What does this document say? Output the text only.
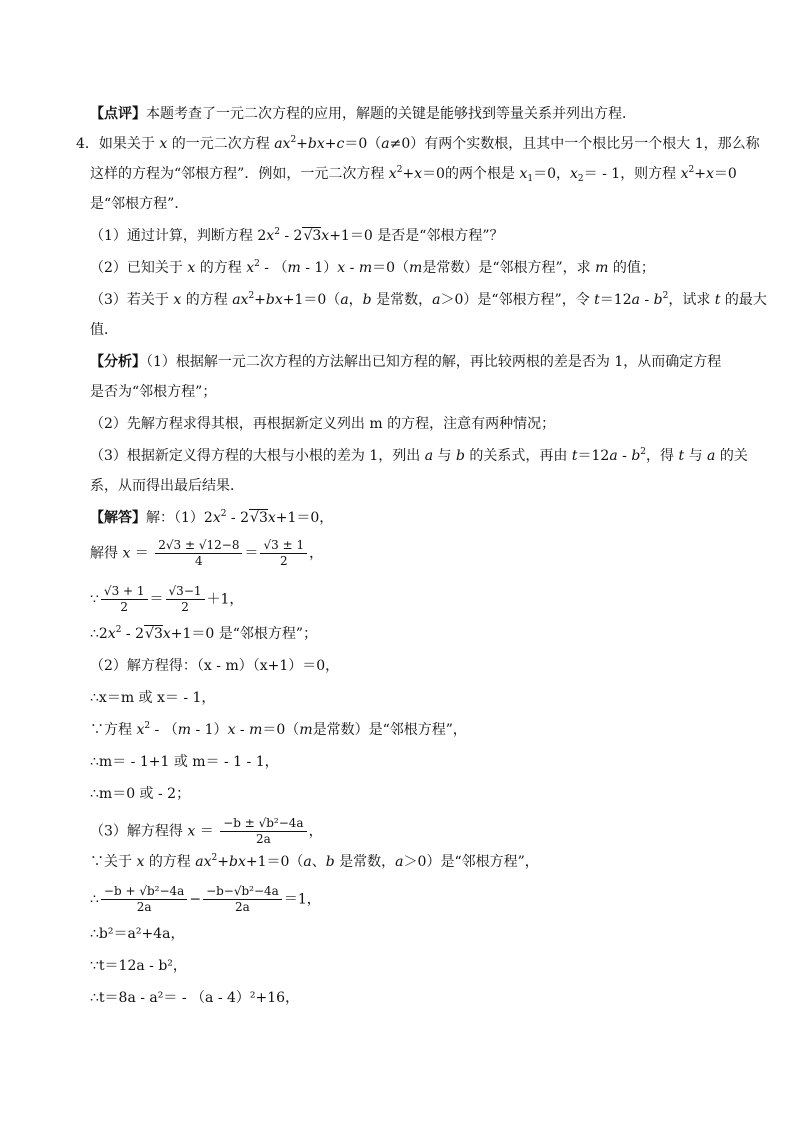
【点评】本题考查了一元二次方程的应用，解题的关键是能够找到等量关系并列出方程．
4．如果关于 x 的一元二次方程 $ax^2+bx+c=0(a\ne 0)$有两个实数根，且其中一个根比另一个根大 1，那么称
这样的方程为“邻根方程”．例如，一元二次方程 $x^2+x=0$的两个根是 $x_1=0$，$x_2= - 1$，则方程 $x^2+x=0$
是“邻根方程”．
（1）通过计算，判断方程 $2x^2 - 2√3x+1=0$ 是否是“邻根方程”？
（2）已知关于 x 的方程 $x^2 - (m - 1)x - m=0(m$是常数）是“邻根方程”，求 m 的值；
（3）若关于 x 的方程 $ax^2+bx+1=0(a$，b 是常数，a＞0）是“邻根方程”，令 $t=12a - b^2$，试求 t 的最大
值．
【分析】（1）根据解一元二次方程的方法解出已知方程的解，再比较两根的差是否为 1，从而确定方程
是否为“邻根方程”；
（2）先解方程求得其根，再根据新定义列出 m 的方程，注意有两种情况；
（3）根据新定义得方程的大根与小根的差为 1，列出 a 与 b 的关系式，再由 $t=12a - b^2$，得 t 与 a 的关
系，从而得出最后结果．
【解答】解：$(1)2x^2 - 2√3x+1=0$，
解得 $x = \frac{2√3 \pm √12-8}{4} = \frac{√3 \pm 1}{2}$ ，
∵ $\frac{√3 + 1}{2} = \frac{√3-1}{2} +1$，
$\therefore 2x^2 - 2√3x+1=0$ 是“邻根方程”；
（2）解方程得：（x - m）（x+1）＝0，
∴x＝m 或 x＝ - 1，
∵方程 $x^2 - (m - 1)x - m=0(m$是常数）是“邻根方程”，
∴m＝ - 1+1 或 m＝ - 1 - 1，
∴m＝0 或 - 2；
（3）解方程得 $x = \frac{\text{−b ± √b²−4a}}{2a}$ ，
∵关于 x 的方程 $ax^2+bx+1=0(a$、b 是常数，a＞0）是“邻根方程”，
∴ $\frac{\text{−b + √b²−4a}}{2a} - \frac{\text{−b−√b²−4a}}{2a} =1$，
∴b²＝a²+4a，
∵t＝12a - b²，
∴t＝8a - a²＝ - （a - 4）²+16，
